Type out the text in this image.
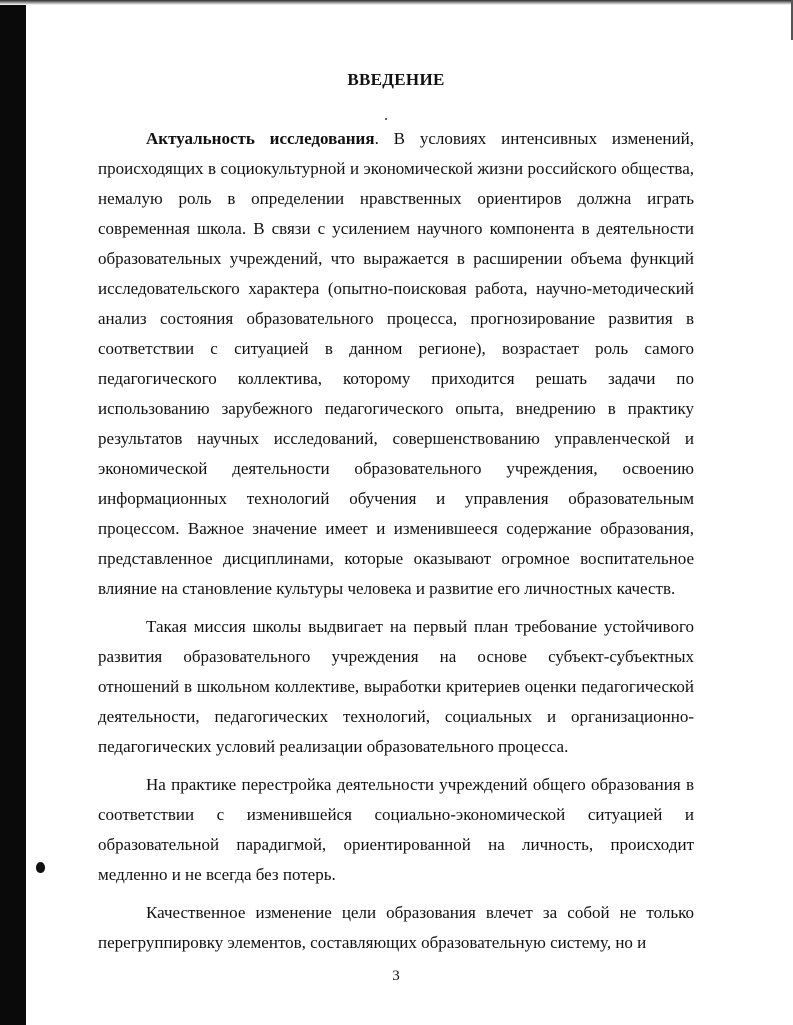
ВВЕДЕНИЕ

Актуальность исследования. В условиях интенсивных изменений, происходящих в социокультурной и экономической жизни российского общества, немалую роль в определении нравственных ориентиров должна играть современная школа. В связи с усилением научного компонента в деятельности образовательных учреждений, что выражается в расширении объема функций исследовательского характера (опытно-поисковая работа, научно-методический анализ состояния образовательного процесса, прогнозирование развития в соответствии с ситуацией в данном регионе), возрастает роль самого педагогического коллектива, которому приходится решать задачи по использованию зарубежного педагогического опыта, внедрению в практику результатов научных исследований, совершенствованию управленческой и экономической деятельности образовательного учреждения, освоению информационных технологий обучения и управления образовательным процессом. Важное значение имеет и изменившееся содержание образования, представленное дисциплинами, которые оказывают огромное воспитательное влияние на становление культуры человека и развитие его личностных качеств.

Такая миссия школы выдвигает на первый план требование устойчивого развития образовательного учреждения на основе субъект-субъектных отношений в школьном коллективе, выработки критериев оценки педагогической деятельности, педагогических технологий, социальных и организационно-педагогических условий реализации образовательного процесса.

На практике перестройка деятельности учреждений общего образования в соответствии с изменившейся социально-экономической ситуацией и образовательной парадигмой, ориентированной на личность, происходит медленно и не всегда без потерь.

Качественное изменение цели образования влечет за собой не только перегруппировку элементов, составляющих образовательную систему, но и

3
